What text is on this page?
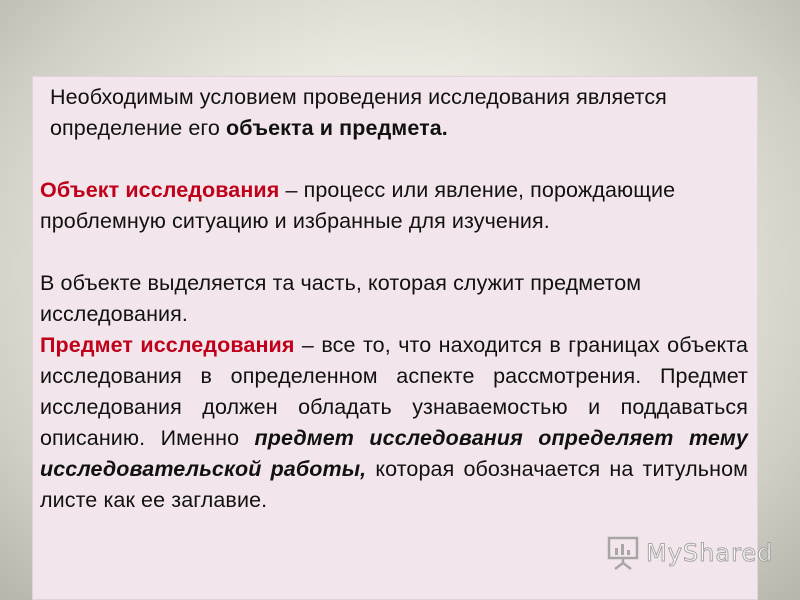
Необходимым условием проведения исследования является определение его объекта и предмета.

Объект исследования – процесс или явление, порождающие проблемную ситуацию и избранные для изучения.

В объекте выделяется та часть, которая служит предметом исследования.

Предмет исследования – все то, что находится в границах объекта исследования в определенном аспекте рассмотрения. Предмет исследования должен обладать узнаваемостью и поддаваться описанию. Именно предмет исследования определяет тему исследовательской работы, которая обозначается на титульном листе как ее заглавие.

MyShared
